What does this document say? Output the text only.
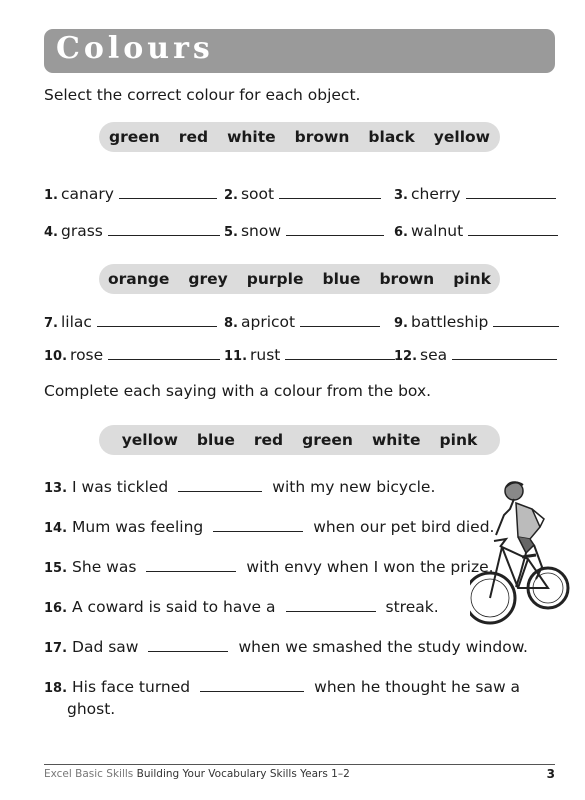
Colours
Select the correct colour for each object.
green red white brown black yellow
1. canary	2. soot	3. cherry
4. grass	5. snow	6. walnut
orange grey purple blue brown pink
7. lilac	8. apricot	9. battleship
10. rose	11. rust	12. sea
Complete each saying with a colour from the box.
yellow blue red green white pink
13. I was tickled	with my new bicycle.
14. Mum was feeling	when our pet bird died.
15. She was	with envy when I won the prize.
16. A coward is said to have a	streak.
17. Dad saw	when we smashed the study window.
18. His face turned	when he thought he saw a
ghost.
Excel Basic Skills Building Your Vocabulary Skills Years 1–2	3
